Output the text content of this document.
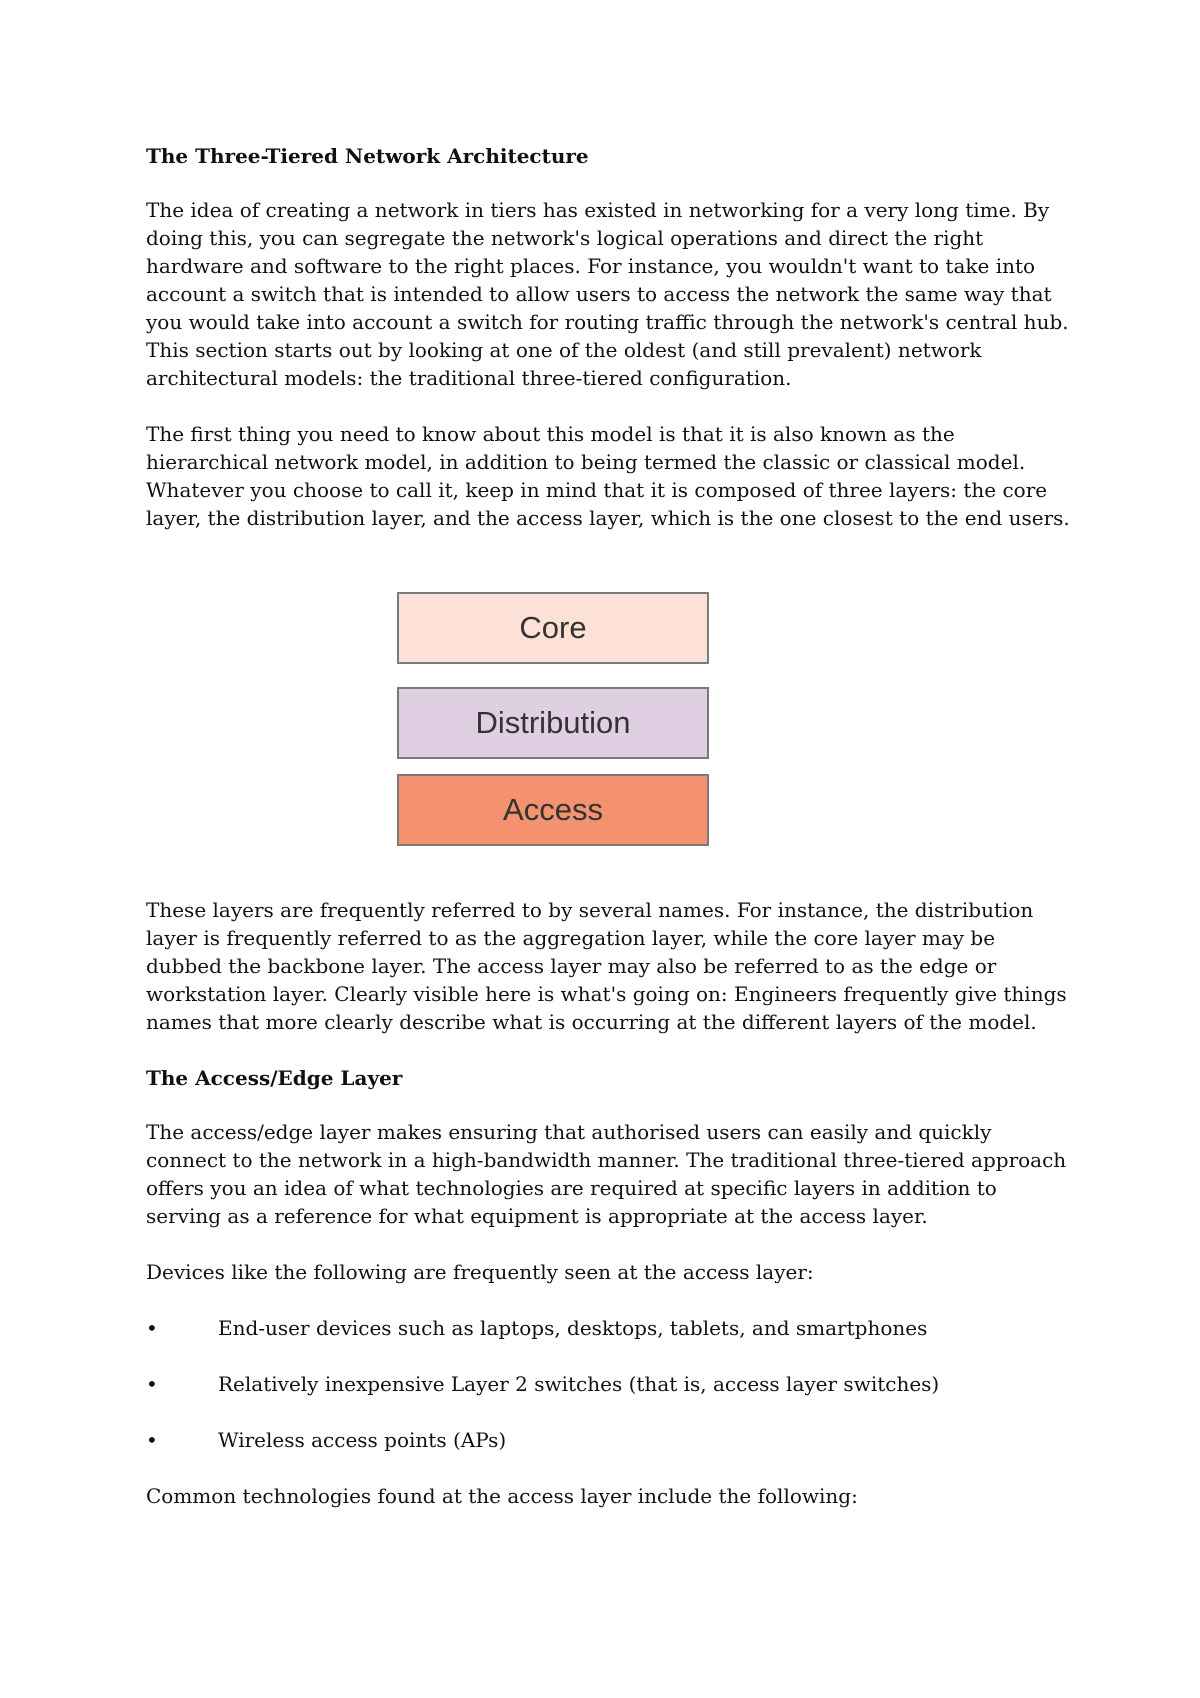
The Three-Tiered Network Architecture

The idea of creating a network in tiers has existed in networking for a very long time. By doing this, you can segregate the network's logical operations and direct the right hardware and software to the right places. For instance, you wouldn't want to take into account a switch that is intended to allow users to access the network the same way that you would take into account a switch for routing traffic through the network's central hub. This section starts out by looking at one of the oldest (and still prevalent) network architectural models: the traditional three-tiered configuration.

The first thing you need to know about this model is that it is also known as the hierarchical network model, in addition to being termed the classic or classical model. Whatever you choose to call it, keep in mind that it is composed of three layers: the core layer, the distribution layer, and the access layer, which is the one closest to the end users.

Core
Distribution
Access

These layers are frequently referred to by several names. For instance, the distribution layer is frequently referred to as the aggregation layer, while the core layer may be dubbed the backbone layer. The access layer may also be referred to as the edge or workstation layer. Clearly visible here is what's going on: Engineers frequently give things names that more clearly describe what is occurring at the different layers of the model.

The Access/Edge Layer

The access/edge layer makes ensuring that authorised users can easily and quickly connect to the network in a high-bandwidth manner. The traditional three-tiered approach offers you an idea of what technologies are required at specific layers in addition to serving as a reference for what equipment is appropriate at the access layer.

Devices like the following are frequently seen at the access layer:

•	End-user devices such as laptops, desktops, tablets, and smartphones
•	Relatively inexpensive Layer 2 switches (that is, access layer switches)
•	Wireless access points (APs)

Common technologies found at the access layer include the following:
